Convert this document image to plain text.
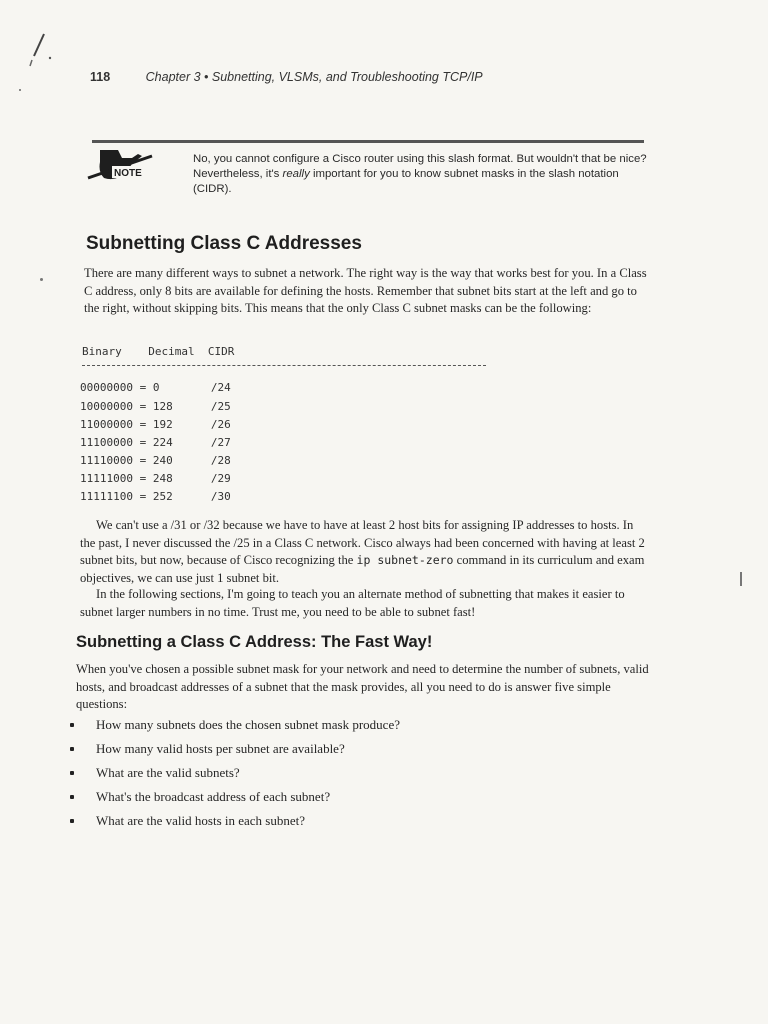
118	Chapter 3 • Subnetting, VLSMs, and Troubleshooting TCP/IP
NOTE
No, you cannot configure a Cisco router using this slash format. But wouldn't that be nice? Nevertheless, it's really important for you to know subnet masks in the slash notation (CIDR).
Subnetting Class C Addresses
There are many different ways to subnet a network. The right way is the way that works best for you. In a Class C address, only 8 bits are available for defining the hosts. Remember that subnet bits start at the left and go to the right, without skipping bits. This means that the only Class C subnet masks can be the following:
Binary Decimal CIDR
00000000 = 0	/24
10000000 = 128	/25
11000000 = 192	/26
11100000 = 224	/27
11110000 = 240	/28
11111000 = 248	/29
11111100 = 252	/30
We can't use a /31 or /32 because we have to have at least 2 host bits for assigning IP addresses to hosts. In the past, I never discussed the /25 in a Class C network. Cisco always had been concerned with having at least 2 subnet bits, but now, because of Cisco recognizing the ip subnet-zero command in its curriculum and exam objectives, we can use just 1 subnet bit.
In the following sections, I'm going to teach you an alternate method of subnetting that makes it easier to subnet larger numbers in no time. Trust me, you need to be able to subnet fast!
Subnetting a Class C Address: The Fast Way!
When you've chosen a possible subnet mask for your network and need to determine the number of subnets, valid hosts, and broadcast addresses of a subnet that the mask provides, all you need to do is answer five simple questions:
How many subnets does the chosen subnet mask produce?
How many valid hosts per subnet are available?
What are the valid subnets?
What's the broadcast address of each subnet?
What are the valid hosts in each subnet?
